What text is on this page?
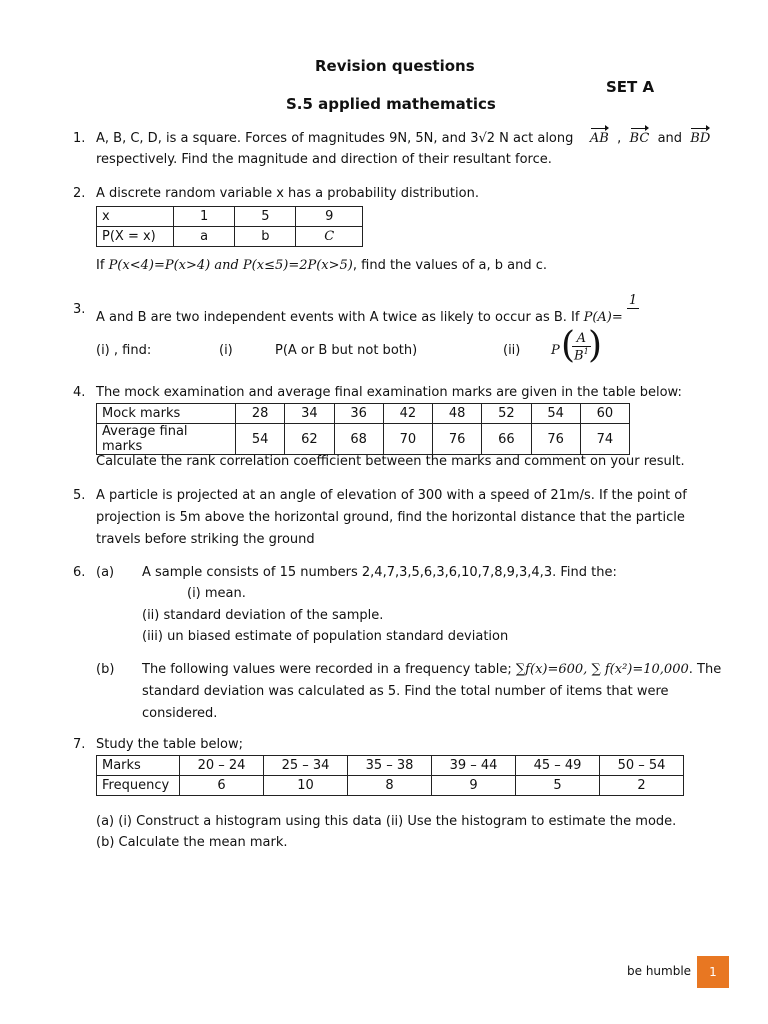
Revision questions
SET A
S.5 applied mathematics
1. A, B, C, D, is a square. Forces of magnitudes 9N, 5N, and 3√2 N act along AB , BC and BD
respectively. Find the magnitude and direction of their resultant force.
2. A discrete random variable x has a probability distribution.
x	1	5	9
P(X = x)	a	b	C
If P(x<4)=P(x>4) and P(x≤5)=2P(x>5), find the values of a, b and c.
3.
A and B are two independent events with A twice as likely to occur as B. If P(A)=
1

(i) , find:	(i)	P(A or B but not both)	(ii) P (
$\frac{A}{B^1}$
)
4. The mock examination and average final examination marks are given in the table below:
Mock marks	28	34	36	42	48	52	54	60
Average final marks	54	62	68	70	76	66	76	74
Calculate the rank correlation coefficient between the marks and comment on your result.
5. A particle is projected at an angle of elevation of 300 with a speed of 21m/s. If the point of
projection is 5m above the horizontal ground, find the horizontal distance that the particle
travels before striking the ground
6. (a) A sample consists of 15 numbers 2,4,7,3,5,6,3,6,10,7,8,9,3,4,3. Find the:
(i) mean.
(ii) standard deviation of the sample.
(iii) un biased estimate of population standard deviation
(b) The following values were recorded in a frequency table; ∑f(x)=600, ∑ f(x²)=10,000. The
standard deviation was calculated as 5. Find the total number of items that were
considered.
7. Study the table below;
Marks	20 – 24	25 – 34	35 – 38	39 – 44	45 – 49	50 – 54
Frequency	6	10	8	9	5	2
(a) (i) Construct a histogram using this data (ii) Use the histogram to estimate the mode.
(b) Calculate the mean mark.
be humble	1
